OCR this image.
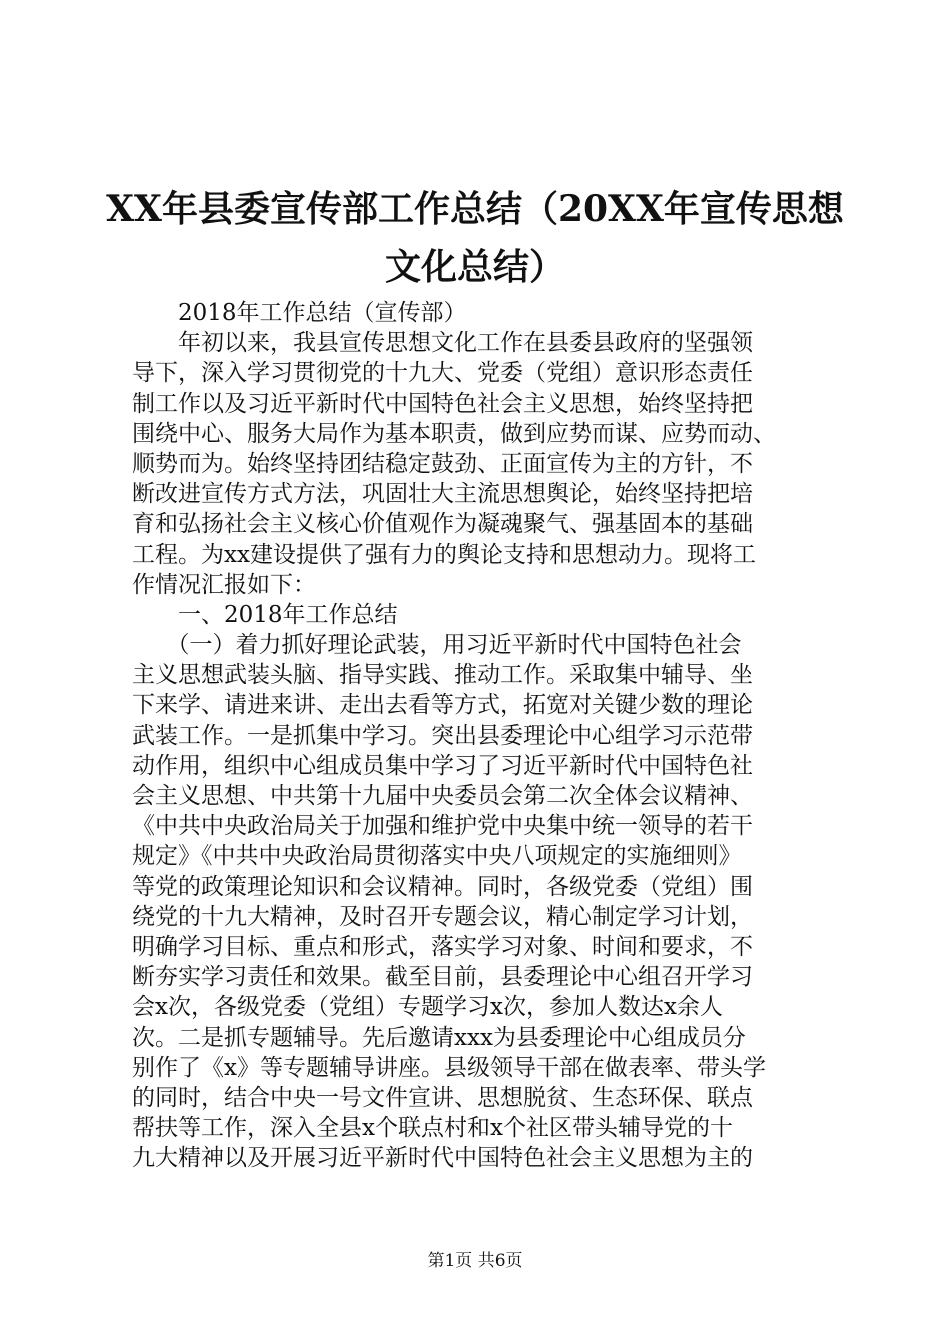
XX年县委宣传部工作总结（20XX年宣传思想
文化总结）
　　2018年工作总结（宣传部）
　　年初以来，我县宣传思想文化工作在县委县政府的坚强领
导下，深入学习贯彻党的十九大、党委（党组）意识形态责任
制工作以及习近平新时代中国特色社会主义思想，始终坚持把
围绕中心、服务大局作为基本职责，做到应势而谋、应势而动、
顺势而为。始终坚持团结稳定鼓劲、正面宣传为主的方针，不
断改进宣传方式方法，巩固壮大主流思想舆论，始终坚持把培
育和弘扬社会主义核心价值观作为凝魂聚气、强基固本的基础
工程。为xx建设提供了强有力的舆论支持和思想动力。现将工
作情况汇报如下：
　　一、2018年工作总结
　　（一）着力抓好理论武装，用习近平新时代中国特色社会
主义思想武装头脑、指导实践、推动工作。采取集中辅导、坐
下来学、请进来讲、走出去看等方式，拓宽对关键少数的理论
武装工作。一是抓集中学习。突出县委理论中心组学习示范带
动作用，组织中心组成员集中学习了习近平新时代中国特色社
会主义思想、中共第十九届中央委员会第二次全体会议精神、
《中共中央政治局关于加强和维护党中央集中统一领导的若干
规定》《中共中央政治局贯彻落实中央八项规定的实施细则》
等党的政策理论知识和会议精神。同时，各级党委（党组）围
绕党的十九大精神，及时召开专题会议，精心制定学习计划，
明确学习目标、重点和形式，落实学习对象、时间和要求，不
断夯实学习责任和效果。截至目前，县委理论中心组召开学习
会x次，各级党委（党组）专题学习x次，参加人数达x余人
次。二是抓专题辅导。先后邀请xxx为县委理论中心组成员分
别作了《x》等专题辅导讲座。县级领导干部在做表率、带头学
的同时，结合中央一号文件宣讲、思想脱贫、生态环保、联点
帮扶等工作，深入全县x个联点村和x个社区带头辅导党的十
九大精神以及开展习近平新时代中国特色社会主义思想为主的
第1页 共6页
